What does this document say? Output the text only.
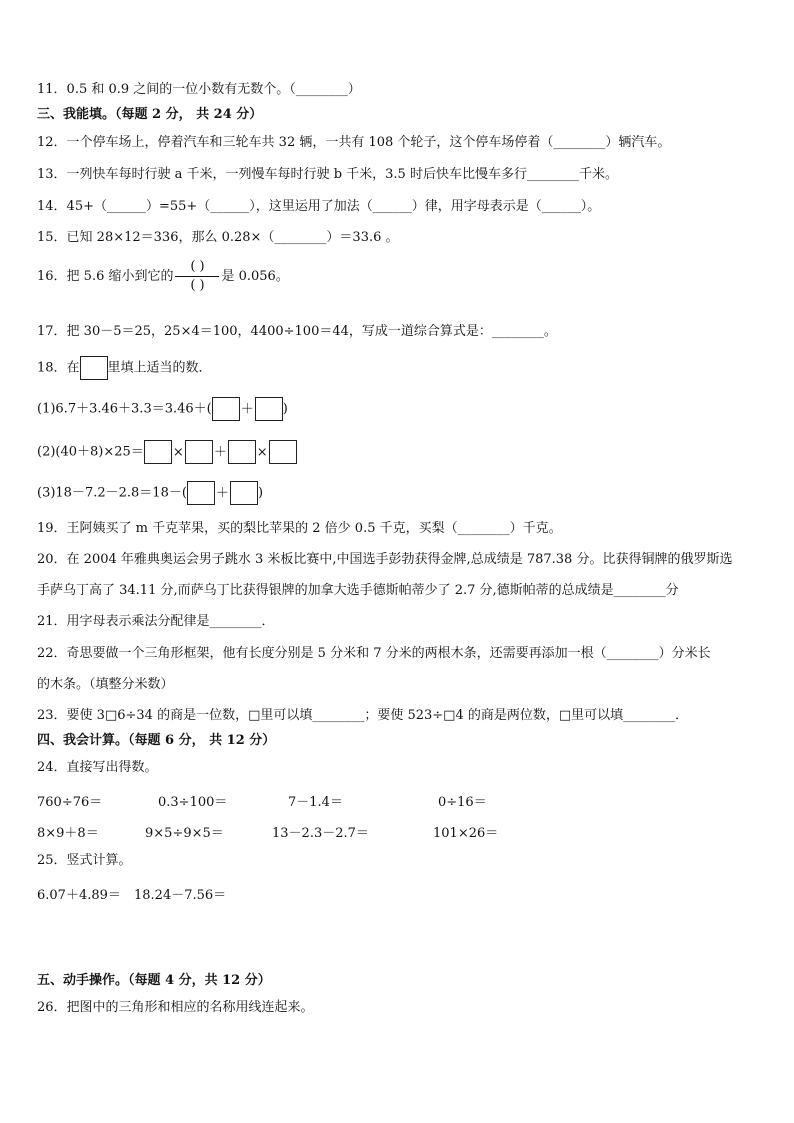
11．0.5 和 0.9 之间的一位小数有无数个。（________）
三、我能填。（每题 2 分， 共 24 分）
12．一个停车场上，停着汽车和三轮车共 32 辆，一共有 108 个轮子，这个停车场停着（________）辆汽车。
13．一列快车每时行驶 a 千米，一列慢车每时行驶 b 千米，3.5 时后快车比慢车多行________千米。
14．45+（______）=55+（______），这里运用了加法（______）律，用字母表示是（______）。
15．已知 28×12＝336，那么 0.28×（________）＝33.6 。
16．把 5.6 缩小到它的 $\frac{( )}{( )}$ 是 0.056。
17．把 30－5＝25，25×4＝100，4400÷100＝44，写成一道综合算式是：________。
18．在 里填上适当的数．
(1)6.7＋3.46＋3.3＝3.46＋( ＋ )
(2)(40＋8)×25＝ × ＋ ×
(3)18－7.2－2.8＝18－( ＋ )
19．王阿姨买了 m 千克苹果，买的梨比苹果的 2 倍少 0.5 千克，买梨（________）千克。
20．在 2004 年雅典奥运会男子跳水 3 米板比赛中,中国选手彭勃获得金牌,总成绩是 787.38 分。比获得铜牌的俄罗斯选
手萨乌丁高了 34.11 分,而萨乌丁比获得银牌的加拿大选手德斯帕蒂少了 2.7 分,德斯帕蒂的总成绩是________分
21．用字母表示乘法分配律是________．
22．奇思要做一个三角形框架，他有长度分别是 5 分米和 7 分米的两根木条，还需要再添加一根（________）分米长
的木条。（填整分米数）
23．要使 3□6÷34 的商是一位数，□里可以填________；要使 523÷□4 的商是两位数，□里可以填________．
四、我会计算。（每题 6 分， 共 12 分）
24．直接写出得数。
760÷76＝	0.3÷100＝	7－1.4＝	0÷16＝
8×9＋8＝	9×5÷9×5＝	13－2.3－2.7＝	101×26＝
25．竖式计算。
6.07＋4.89＝ 18.24－7.56＝
五、动手操作。（每题 4 分，共 12 分）
26．把图中的三角形和相应的名称用线连起来。
